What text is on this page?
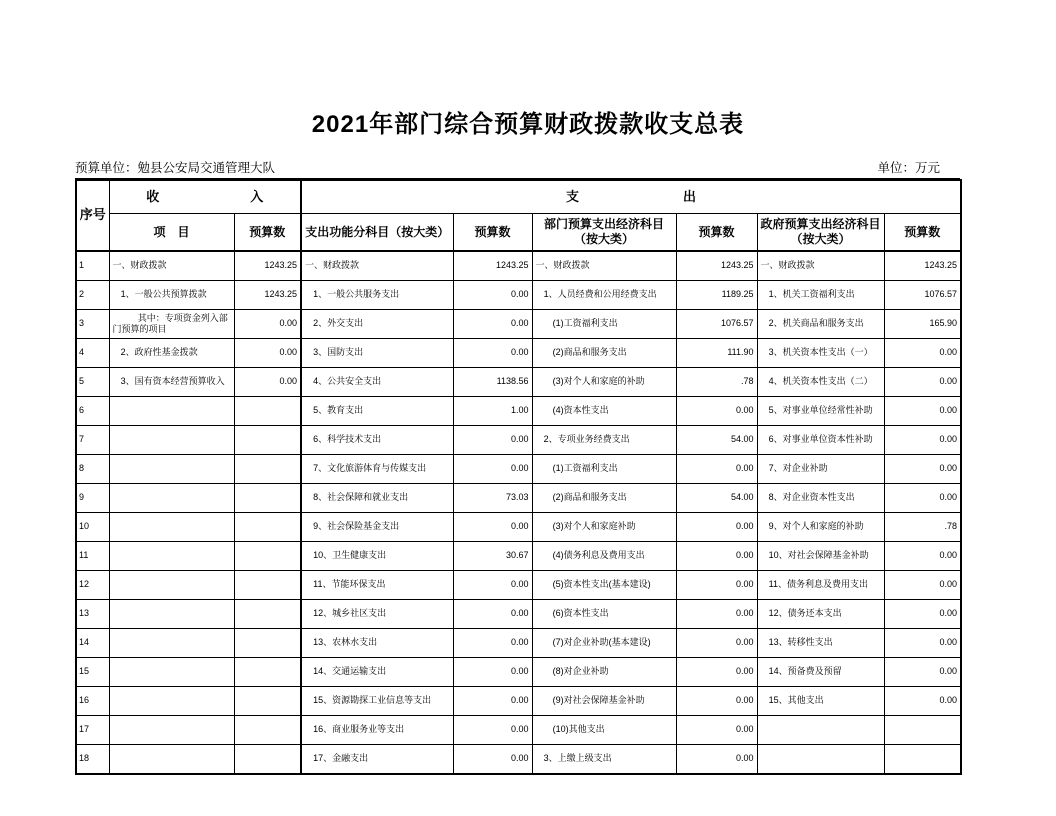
2021年部门综合预算财政拨款收支总表
预算单位：勉县公安局交通管理大队	单位：万元
序号	收　　　　　　　入		支　　　　　　　　出					
	项　目	预算数	支出功能分科目（按大类）	预算数	部门预算支出经济科目（按大类）	预算数	政府预算支出经济科目（按大类）	预算数
1	一、财政拨款	1243.25	一、财政拨款	1243.25	一、财政拨款	1243.25	一、财政拨款	1243.25
2	1、一般公共预算拨款	1243.25	1、一般公共服务支出	0.00	1、人员经费和公用经费支出	1189.25	1、机关工资福利支出	1076.57
3	其中：专项资金列入部门预算的项目	0.00	2、外交支出	0.00	(1)工资福利支出	1076.57	2、机关商品和服务支出	165.90
4	2、政府性基金拨款	0.00	3、国防支出	0.00	(2)商品和服务支出	111.90	3、机关资本性支出（一）	0.00
5	3、国有资本经营预算收入	0.00	4、公共安全支出	1138.56	(3)对个人和家庭的补助	.78	4、机关资本性支出（二）	0.00
6			5、教育支出	1.00	(4)资本性支出	0.00	5、对事业单位经常性补助	0.00
7			6、科学技术支出	0.00	2、专项业务经费支出	54.00	6、对事业单位资本性补助	0.00
8			7、文化旅游体育与传媒支出	0.00	(1)工资福利支出	0.00	7、对企业补助	0.00
9			8、社会保障和就业支出	73.03	(2)商品和服务支出	54.00	8、对企业资本性支出	0.00
10			9、社会保险基金支出	0.00	(3)对个人和家庭补助	0.00	9、对个人和家庭的补助	.78
11			10、卫生健康支出	30.67	(4)债务利息及费用支出	0.00	10、对社会保障基金补助	0.00
12			11、节能环保支出	0.00	(5)资本性支出(基本建设)	0.00	11、债务利息及费用支出	0.00
13			12、城乡社区支出	0.00	(6)资本性支出	0.00	12、债务还本支出	0.00
14			13、农林水支出	0.00	(7)对企业补助(基本建设)	0.00	13、转移性支出	0.00
15			14、交通运输支出	0.00	(8)对企业补助	0.00	14、预备费及预留	0.00
16			15、资源勘探工业信息等支出	0.00	(9)对社会保障基金补助	0.00	15、其他支出	0.00
17			16、商业服务业等支出	0.00	(10)其他支出	0.00		
18			17、金融支出	0.00	3、上缴上级支出	0.00		
